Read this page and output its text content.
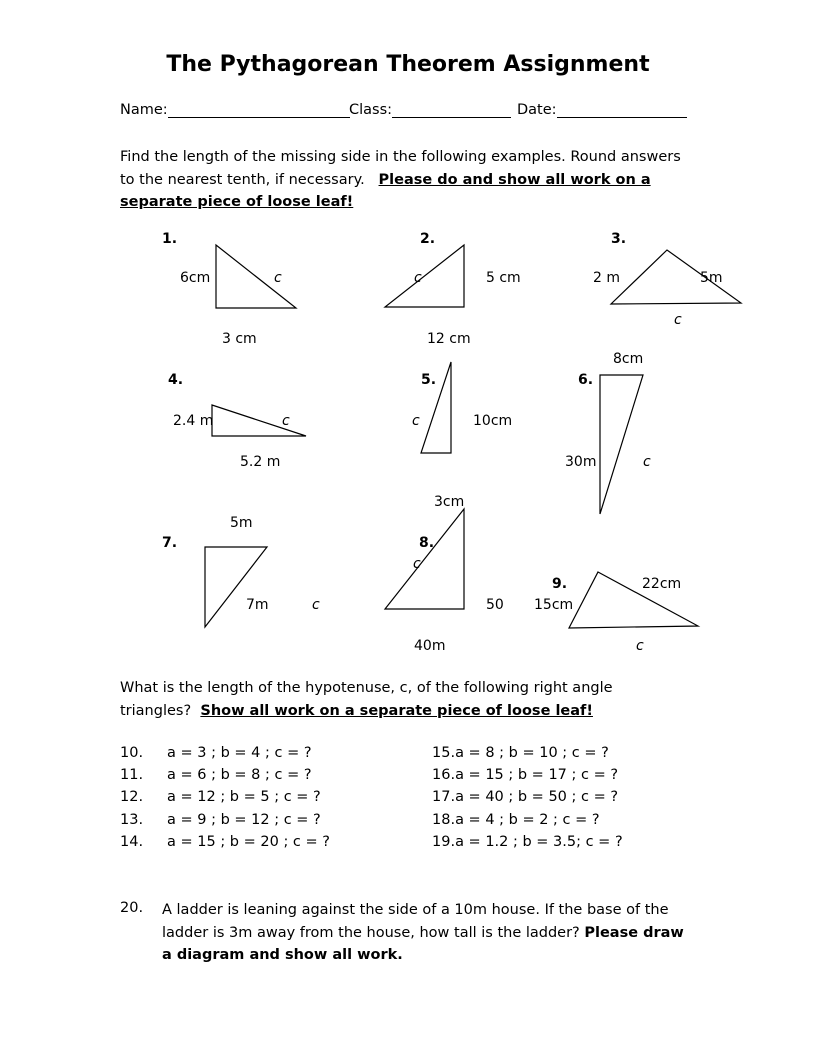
The Pythagorean Theorem Assignment
Name:	Class:	Date:
Find the length of the missing side in the following examples. Round answers
to the nearest tenth, if necessary. Please do and show all work on a
separate piece of loose leaf!
1.
6cm	c
3 cm
2.
c	5 cm
12 cm
3.
2 m	5m
c
4.
2.4 m	c
5.2 m
5.
c	10cm
8cm
6.
30m	c
5m
7.
7m	c
3cm
8.
c
50
40m
9.	22cm
15cm
c
What is the length of the hypotenuse, c, of the following right angle
triangles? Show all work on a separate piece of loose leaf!
10. a = 3 ; b = 4 ; c = ?
11. a = 6 ; b = 8 ; c = ?
12. a = 12 ; b = 5 ; c = ?
13. a = 9 ; b = 12 ; c = ?
14. a = 15 ; b = 20 ; c = ?
15.a = 8 ; b = 10 ; c = ?
16.a = 15 ; b = 17 ; c = ?
17.a = 40 ; b = 50 ; c = ?
18.a = 4 ; b = 2 ; c = ?
19.a = 1.2 ; b = 3.5; c = ?
20. A ladder is leaning against the side of a 10m house. If the base of the
ladder is 3m away from the house, how tall is the ladder? Please draw
a diagram and show all work.
